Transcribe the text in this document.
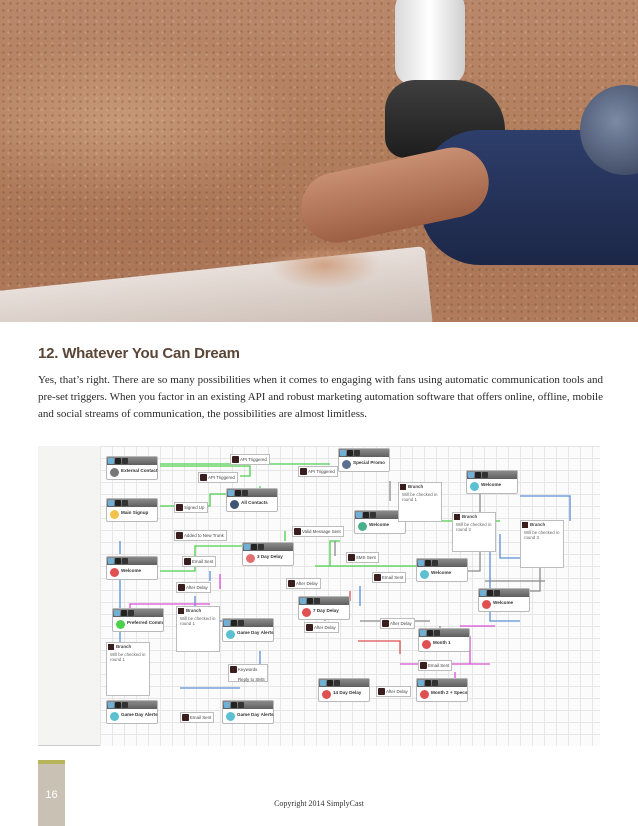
12. Whatever You Can Dream

Yes, that’s right. There are so many possibilities when it comes to engaging with fans using automatic communication tools and pre-set triggers. When you factor in an existing API and robust marketing automation software that offers online, offline, mobile and social streams of communication, the possibilities are almost limitless.

External Contact
Special Promo
Main Signup
All Contacts
Welcome
Welcome
Welcome
Welcome
3 Day Delay
Welcome
Preferred Comm
Game Day Alerts
7 Day Delay
Month 1
14 Day Delay	Month 2 + Specs
Game Day Alerts	Game Day Alerts
API Triggered
API Triggered
API Triggered
Signed Up
Added to New Trunk
Valid Message Sent
Email Sent
SMS Sent
Email Sent
After Delay
After Delay
After Delay
After Delay
Email Sent
After Delay
Email Sent
Branch
Will be checked in round 1
Branch
Will be checked in round 2
Branch
Will be checked in round 3
Branch
Will be checked in round 1
Branch
Will be checked in round 1
Keywords Reply to SMS
16
Copyright 2014 SimplyCast
